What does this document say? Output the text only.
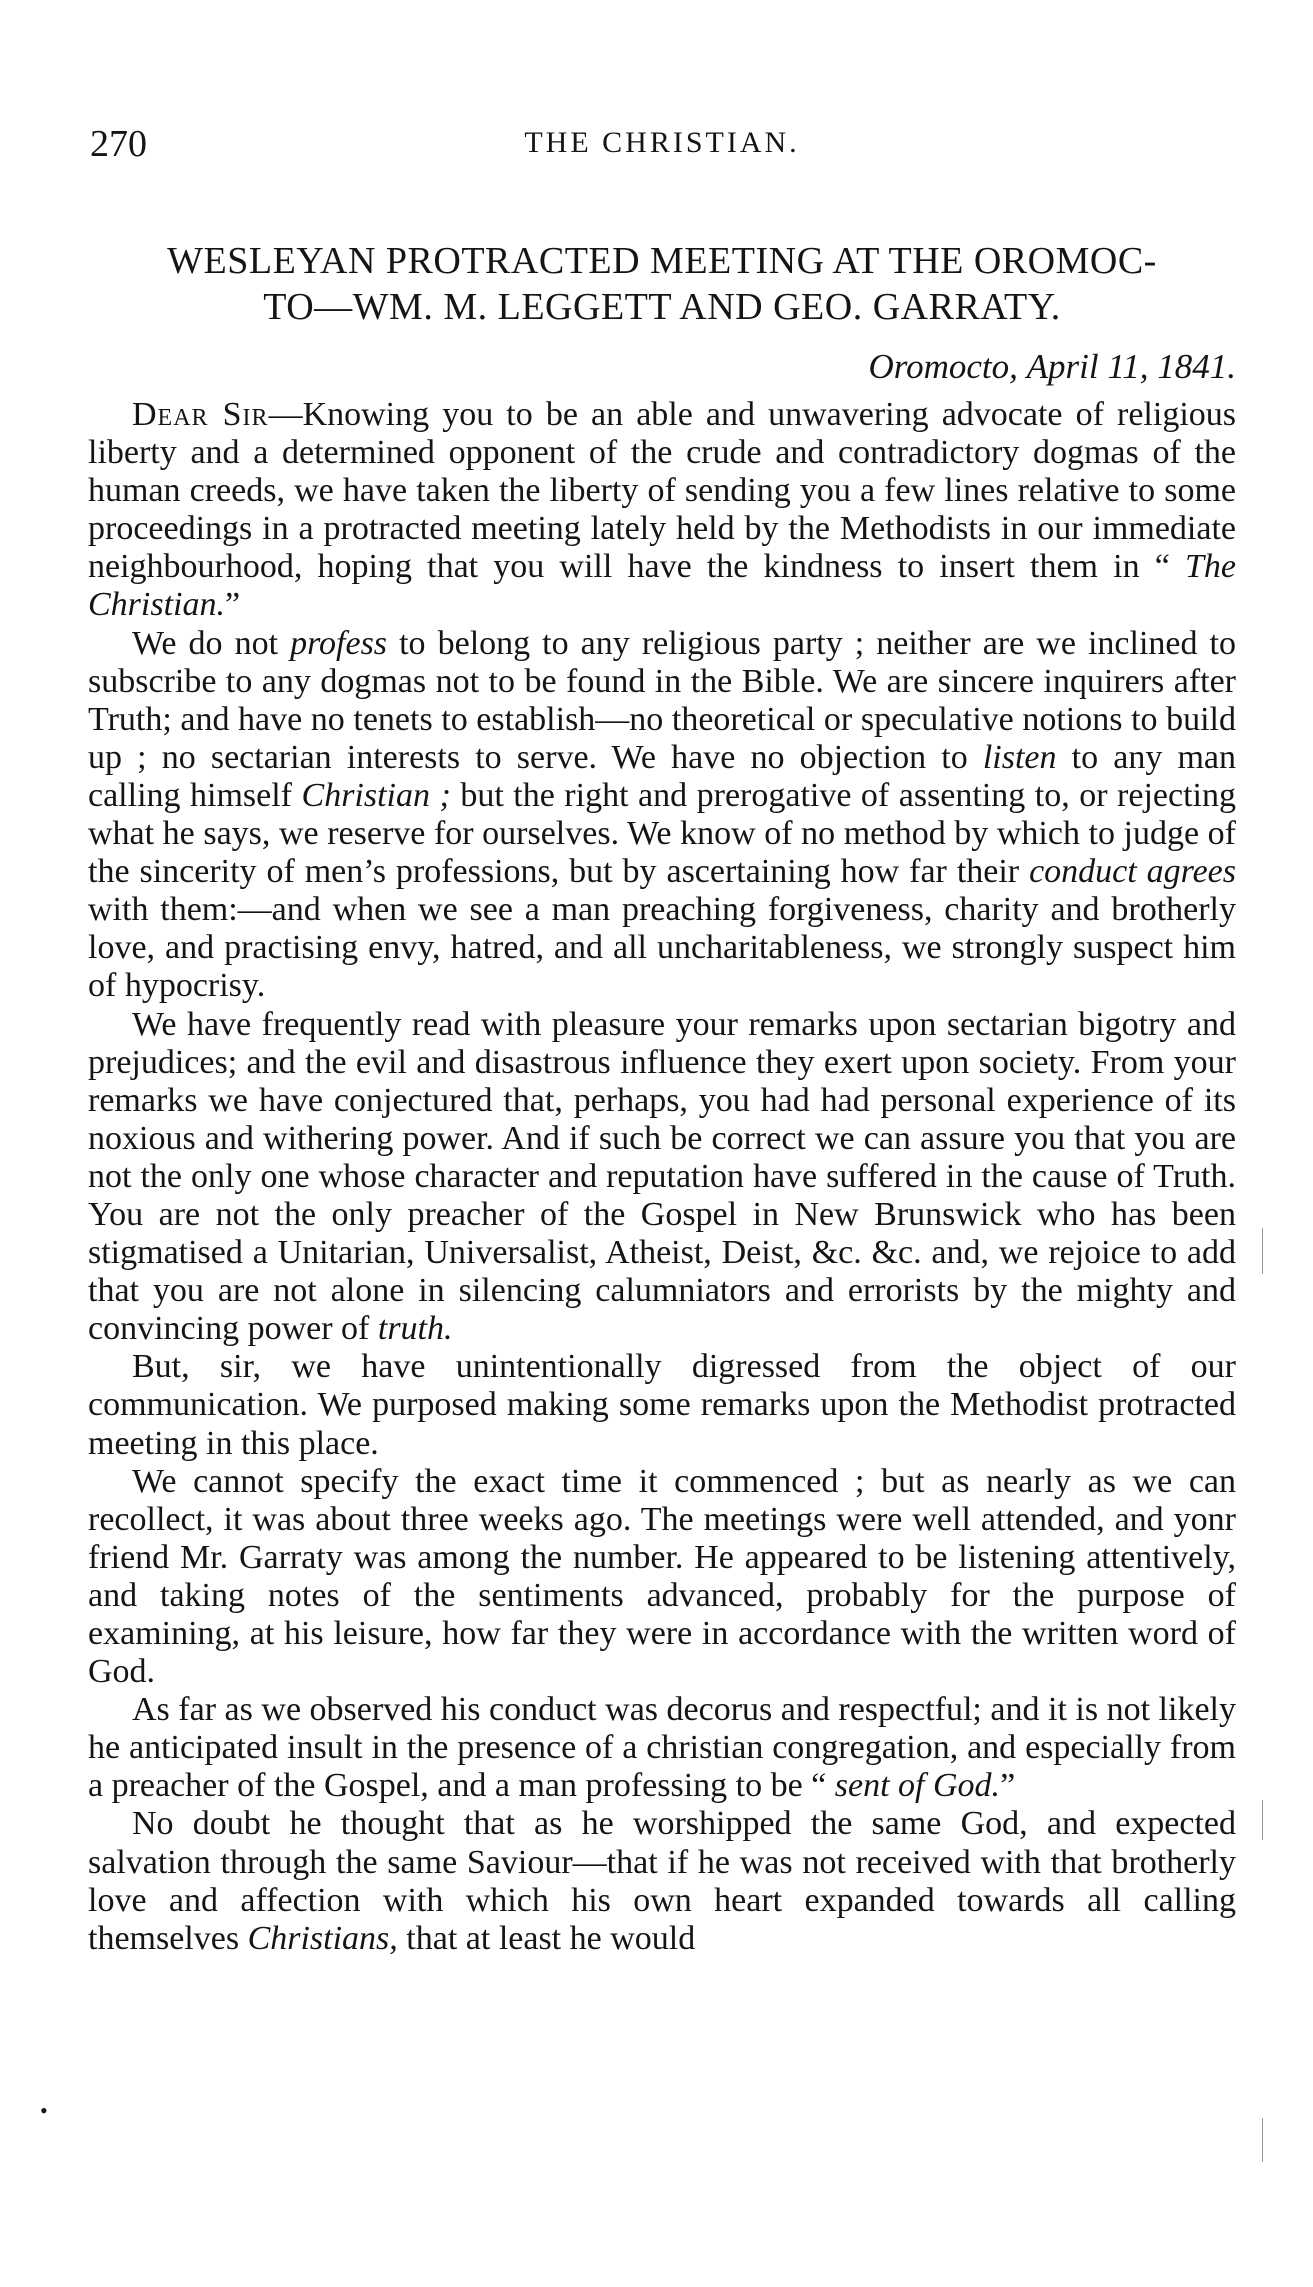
270	THE CHRISTIAN.
WESLEYAN PROTRACTED MEETING AT THE OROMOC-
TO—WM. M. LEGGETT AND GEO. GARRATY.
Oromocto, April 11, 1841.

Dear Sir—Knowing you to be an able and unwavering advocate of religious liberty and a determined opponent of the crude and contradictory dogmas of the human creeds, we have taken the liberty of sending you a few lines relative to some proceedings in a protracted meeting lately held by the Methodists in our immediate neighbourhood, hoping that you will have the kindness to insert them in “ The Christian.”

We do not profess to belong to any religious party ; neither are we inclined to subscribe to any dogmas not to be found in the Bible. We are sincere inquirers after Truth; and have no tenets to establish—no theoretical or speculative notions to build up ; no sectarian interests to serve. We have no objection to listen to any man calling himself Christian ; but the right and prerogative of assenting to, or rejecting what he says, we reserve for ourselves. We know of no method by which to judge of the sincerity of men’s professions, but by ascertaining how far their conduct agrees with them:—and when we see a man preaching forgiveness, charity and brotherly love, and practising envy, hatred, and all uncharitableness, we strongly suspect him of hypocrisy.

We have frequently read with pleasure your remarks upon sectarian bigotry and prejudices; and the evil and disastrous influence they exert upon society. From your remarks we have conjectured that, perhaps, you had had personal experience of its noxious and withering power. And if such be correct we can assure you that you are not the only one whose character and reputation have suffered in the cause of Truth. You are not the only preacher of the Gospel in New Brunswick who has been stigmatised a Unitarian, Universalist, Atheist, Deist, &c. &c. and, we rejoice to add that you are not alone in silencing calumniators and errorists by the mighty and convincing power of truth.

But, sir, we have unintentionally digressed from the object of our communication. We purposed making some remarks upon the Methodist protracted meeting in this place.

We cannot specify the exact time it commenced ; but as nearly as we can recollect, it was about three weeks ago. The meetings were well attended, and yonr friend Mr. Garraty was among the number. He appeared to be listening attentively, and taking notes of the sentiments advanced, probably for the purpose of examining, at his leisure, how far they were in accordance with the written word of God.

As far as we observed his conduct was decorus and respectful; and it is not likely he anticipated insult in the presence of a christian congregation, and especially from a preacher of the Gospel, and a man professing to be “ sent of God.”

No doubt he thought that as he worshipped the same God, and expected salvation through the same Saviour—that if he was not received with that brotherly love and affection with which his own heart expanded towards all calling themselves Christians, that at least he would

•
